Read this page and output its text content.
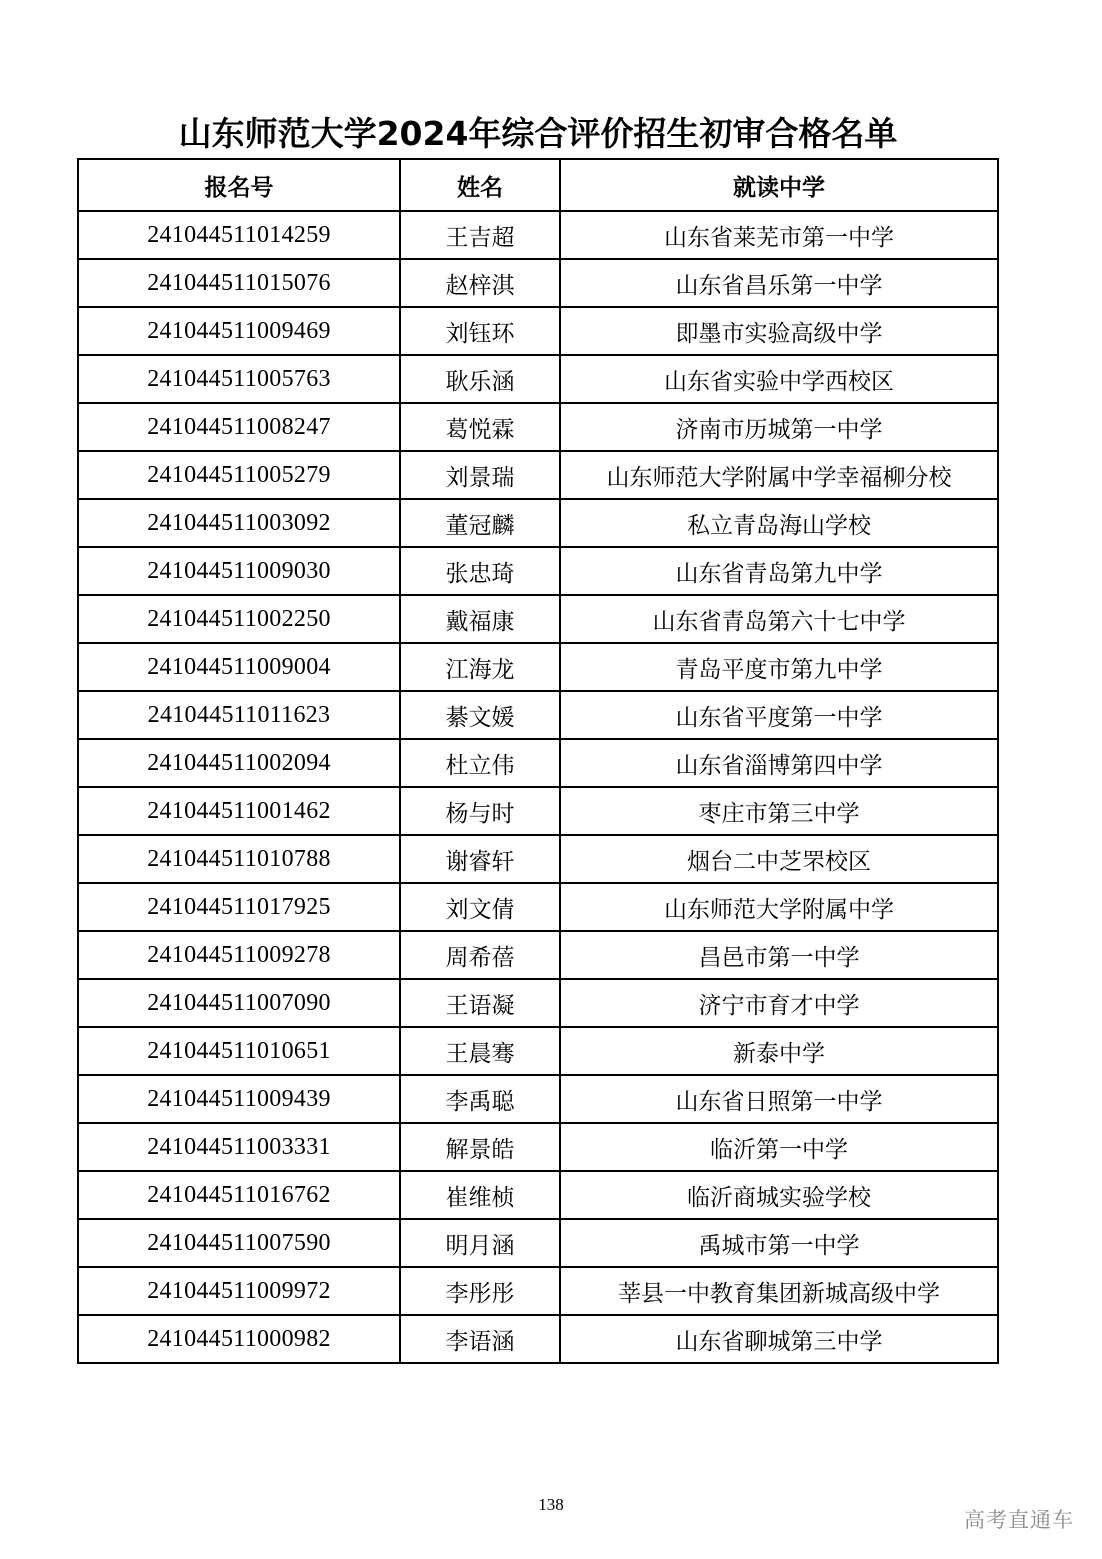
山东师范大学2024年综合评价招生初审合格名单
报名号	姓名	就读中学
241044511014259	王吉超	山东省莱芜市第一中学
241044511015076	赵梓淇	山东省昌乐第一中学
241044511009469	刘钰环	即墨市实验高级中学
241044511005763	耿乐涵	山东省实验中学西校区
241044511008247	葛悦霖	济南市历城第一中学
241044511005279	刘景瑞	山东师范大学附属中学幸福柳分校
241044511003092	董冠麟	私立青岛海山学校
241044511009030	张忠琦	山东省青岛第九中学
241044511002250	戴福康	山东省青岛第六十七中学
241044511009004	江海龙	青岛平度市第九中学
241044511011623	綦文媛	山东省平度第一中学
241044511002094	杜立伟	山东省淄博第四中学
241044511001462	杨与时	枣庄市第三中学
241044511010788	谢睿轩	烟台二中芝罘校区
241044511017925	刘文倩	山东师范大学附属中学
241044511009278	周希蓓	昌邑市第一中学
241044511007090	王语凝	济宁市育才中学
241044511010651	王晨骞	新泰中学
241044511009439	李禹聪	山东省日照第一中学
241044511003331	解景皓	临沂第一中学
241044511016762	崔维桢	临沂商城实验学校
241044511007590	明月涵	禹城市第一中学
241044511009972	李彤彤	莘县一中教育集团新城高级中学
241044511000982	李语涵	山东省聊城第三中学
138
高考直通车
